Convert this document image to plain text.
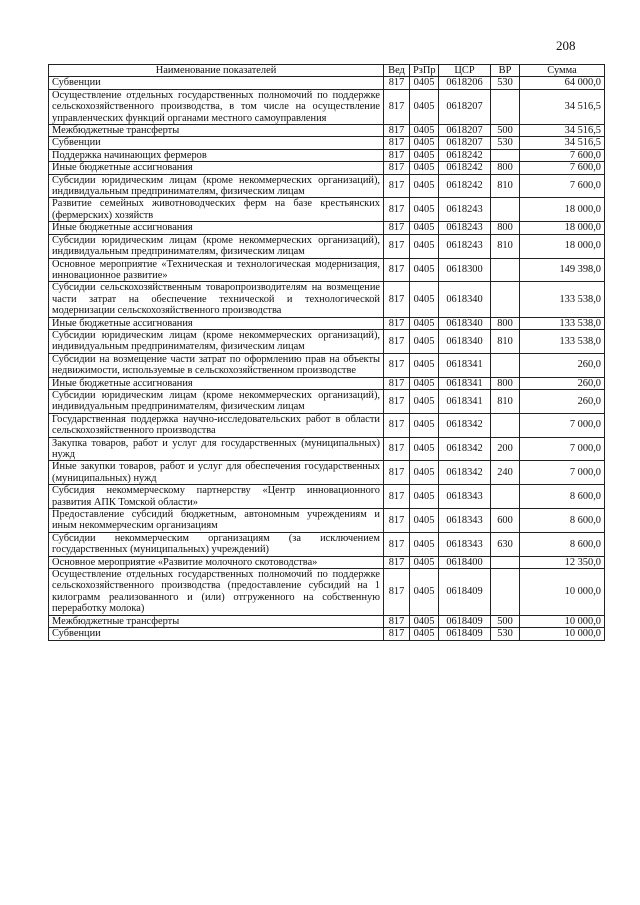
208
Наименование показателей	Вед	РзПр	ЦСР	ВР	Сумма
Субвенции	817	0405	0618206	530	64 000,0
Осуществление отдельных государственных полномочий по поддержке сельскохозяйственного производства, в том числе на осуществление управленческих функций органами местного самоуправления	817	0405	0618207		34 516,5
Межбюджетные трансферты	817	0405	0618207	500	34 516,5
Субвенции	817	0405	0618207	530	34 516,5
Поддержка начинающих фермеров	817	0405	0618242		7 600,0
Иные бюджетные ассигнования	817	0405	0618242	800	7 600,0
Субсидии юридическим лицам (кроме некоммерческих организаций), индивидуальным предпринимателям, физическим лицам	817	0405	0618242	810	7 600,0
Развитие семейных животноводческих ферм на базе крестьянских (фермерских) хозяйств	817	0405	0618243		18 000,0
Иные бюджетные ассигнования	817	0405	0618243	800	18 000,0
Субсидии юридическим лицам (кроме некоммерческих организаций), индивидуальным предпринимателям, физическим лицам	817	0405	0618243	810	18 000,0
Основное мероприятие «Техническая и технологическая модернизация, инновационное развитие»	817	0405	0618300		149 398,0
Субсидии сельскохозяйственным товаропроизводителям на возмещение части затрат на обеспечение технической и технологической модернизации сельскохозяйственного производства	817	0405	0618340		133 538,0
Иные бюджетные ассигнования	817	0405	0618340	800	133 538,0
Субсидии юридическим лицам (кроме некоммерческих организаций), индивидуальным предпринимателям, физическим лицам	817	0405	0618340	810	133 538,0
Субсидии на возмещение части затрат по оформлению прав на объекты недвижимости, используемые в сельскохозяйственном производстве	817	0405	0618341		260,0
Иные бюджетные ассигнования	817	0405	0618341	800	260,0
Субсидии юридическим лицам (кроме некоммерческих организаций), индивидуальным предпринимателям, физическим лицам	817	0405	0618341	810	260,0
Государственная поддержка научно-исследовательских работ в области сельскохозяйственного производства	817	0405	0618342		7 000,0
Закупка товаров, работ и услуг для государственных (муниципальных) нужд	817	0405	0618342	200	7 000,0
Иные закупки товаров, работ и услуг для обеспечения государственных (муниципальных) нужд	817	0405	0618342	240	7 000,0
Субсидия некоммерческому партнерству «Центр инновационного развития АПК Томской области»	817	0405	0618343		8 600,0
Предоставление субсидий бюджетным, автономным учреждениям и иным некоммерческим организациям	817	0405	0618343	600	8 600,0
Субсидии некоммерческим организациям (за исключением государственных (муниципальных) учреждений)	817	0405	0618343	630	8 600,0
Основное мероприятие «Развитие молочного скотоводства»	817	0405	0618400		12 350,0
Осуществление отдельных государственных полномочий по поддержке сельскохозяйственного производства (предоставление субсидий на 1 килограмм реализованного и (или) отгруженного на собственную переработку молока)	817	0405	0618409		10 000,0
Межбюджетные трансферты	817	0405	0618409	500	10 000,0
Субвенции	817	0405	0618409	530	10 000,0
